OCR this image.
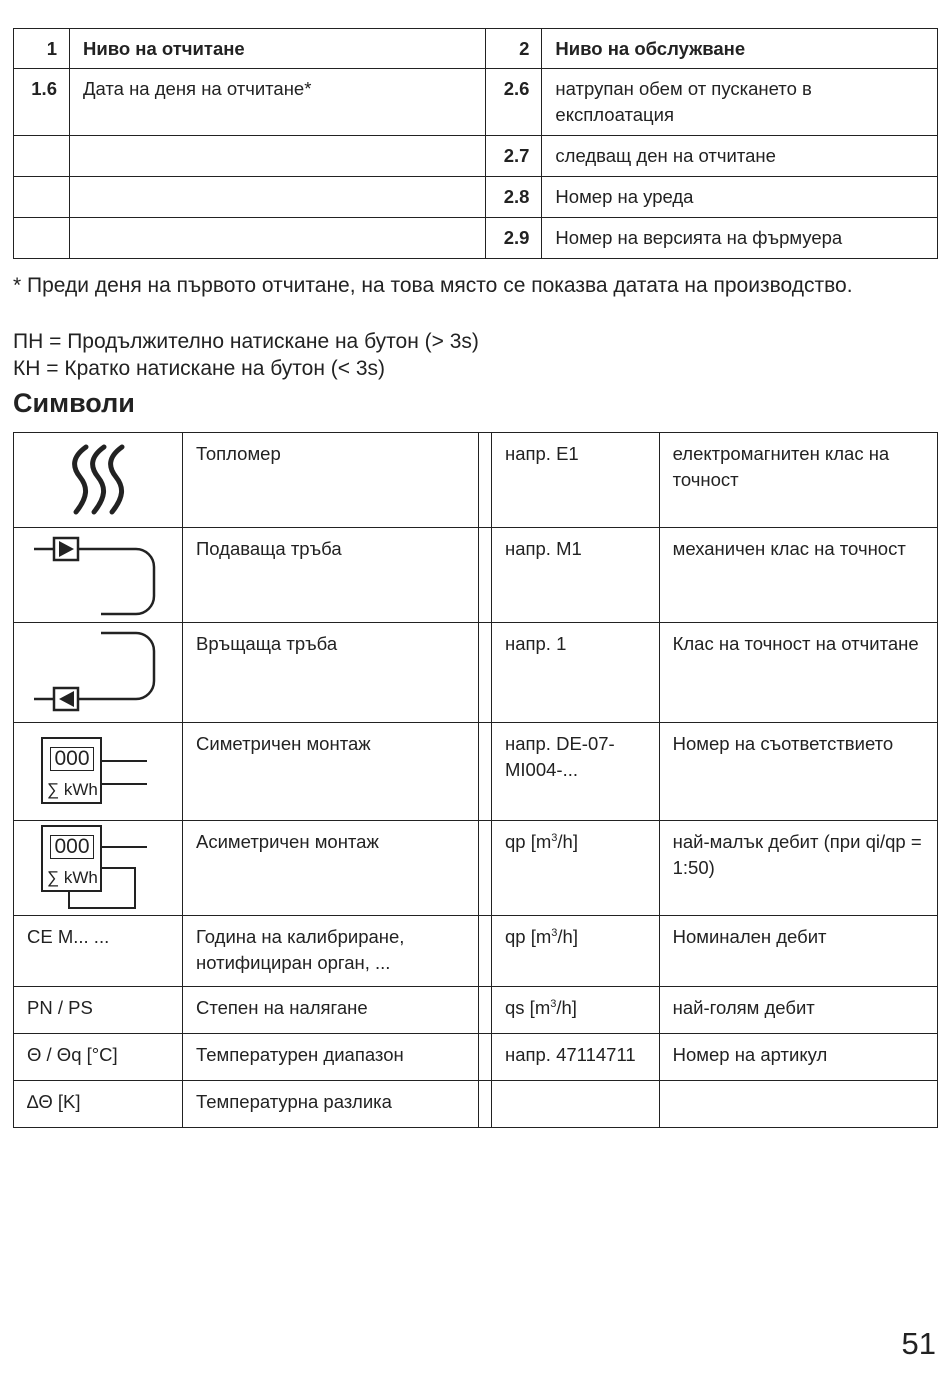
1	Ниво на отчитане	2	Ниво на обслужване
1.6	Дата на деня на отчитане*	2.6	натрупан обем от пускането в експлоатация
		2.7	следващ ден на отчитане
		2.8	Номер на уреда
		2.9	Номер на версията на фърмуера

* Преди деня на първото отчитане, на това място се показва датата на производство.

ПН = Продължително натискане на бутон (> 3s)

КН = Кратко натискане на бутон (< 3s)

Символи
	Топломер		напр. E1	електромагнитен клас на точност

	Подаваща тръба		напр. M1	механичен клас на точност

	Връщаща тръба		напр. 1	Клас на точност на отчитане

000
∑ kWh	Симетричен монтаж		напр. DE-07-MI004-...	Номер на съответствието

000
∑ kWh	Асиметричен монтаж		qp $[m^3/h]$	най-малък дебит (при qi/qp = 1:50)
CE M... ...	Година на калибриране, нотифициран орган, ...		qp $[m^3/h]$	Номинален дебит
PN / PS	Степен на налягане		qs $[m^3/h]$	най-голям дебит
Θ / Θq [°C]	Температурен диапазон		напр. 47114711	Номер на артикул
∆Θ [K]	Температурна разлика			

51
